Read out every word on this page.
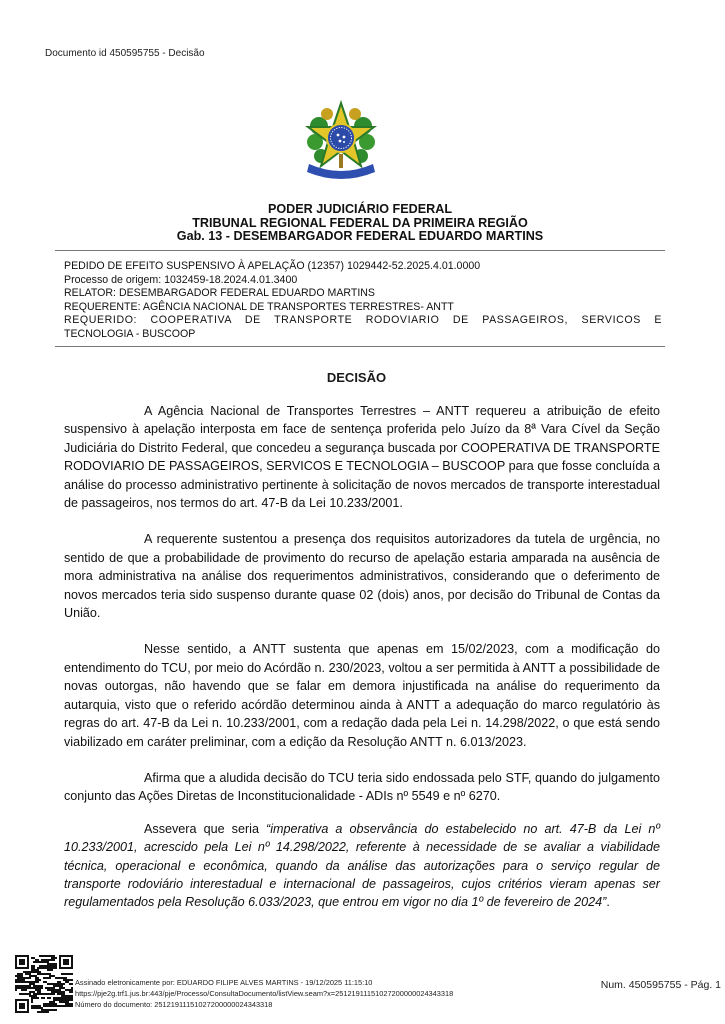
Documento id 450595755 - Decisão
PODER JUDICIÁRIO FEDERAL
TRIBUNAL REGIONAL FEDERAL DA PRIMEIRA REGIÃO
Gab. 13 - DESEMBARGADOR FEDERAL EDUARDO MARTINS
PEDIDO DE EFEITO SUSPENSIVO À APELAÇÃO (12357) 1029442-52.2025.4.01.0000
Processo de origem: 1032459-18.2024.4.01.3400
RELATOR: DESEMBARGADOR FEDERAL EDUARDO MARTINS
REQUERENTE: AGÊNCIA NACIONAL DE TRANSPORTES TERRESTRES- ANTT
REQUERIDO: COOPERATIVA DE TRANSPORTE RODOVIARIO DE PASSAGEIROS, SERVICOS E
TECNOLOGIA - BUSCOOP
DECISÃO

A Agência Nacional de Transportes Terrestres – ANTT requereu a atribuição de efeito suspensivo à apelação interposta em face de sentença proferida pelo Juízo da 8ª Vara Cível da Seção Judiciária do Distrito Federal, que concedeu a segurança buscada por COOPERATIVA DE TRANSPORTE RODOVIARIO DE PASSAGEIROS, SERVICOS E TECNOLOGIA – BUSCOOP para que fosse concluída a análise do processo administrativo pertinente à solicitação de novos mercados de transporte interestadual de passageiros, nos termos do art. 47-B da Lei 10.233/2001.

A requerente sustentou a presença dos requisitos autorizadores da tutela de urgência, no sentido de que a probabilidade de provimento do recurso de apelação estaria amparada na ausência de mora administrativa na análise dos requerimentos administrativos, considerando que o deferimento de novos mercados teria sido suspenso durante quase 02 (dois) anos, por decisão do Tribunal de Contas da União.

Nesse sentido, a ANTT sustenta que apenas em 15/02/2023, com a modificação do entendimento do TCU, por meio do Acórdão n. 230/2023, voltou a ser permitida à ANTT a possibilidade de novas outorgas, não havendo que se falar em demora injustificada na análise do requerimento da autarquia, visto que o referido acórdão determinou ainda à ANTT a adequação do marco regulatório às regras do art. 47-B da Lei n. 10.233/2001, com a redação dada pela Lei n. 14.298/2022, o que está sendo viabilizado em caráter preliminar, com a edição da Resolução ANTT n. 6.013/2023.

Afirma que a aludida decisão do TCU teria sido endossada pelo STF, quando do julgamento conjunto das Ações Diretas de Inconstitucionalidade - ADIs nº 5549 e nº 6270.

Assevera que seria “imperativa a observância do estabelecido no art. 47-B da Lei nº 10.233/2001, acrescido pela Lei nº 14.298/2022, referente à necessidade de se avaliar a viabilidade técnica, operacional e econômica, quando da análise das autorizações para o serviço regular de transporte rodoviário interestadual e internacional de passageiros, cujos critérios vieram apenas ser regulamentados pela Resolução 6.033/2023, que entrou em vigor no dia 1º de fevereiro de 2024”.

Assinado eletronicamente por: EDUARDO FILIPE ALVES MARTINS - 19/12/2025 11:15:10
https://pje2g.trf1.jus.br:443/pje/Processo/ConsultaDocumento/listView.seam?x=25121911151027200000024343318
Número do documento: 25121911151027200000024343318
Num. 450595755 - Pág. 1
